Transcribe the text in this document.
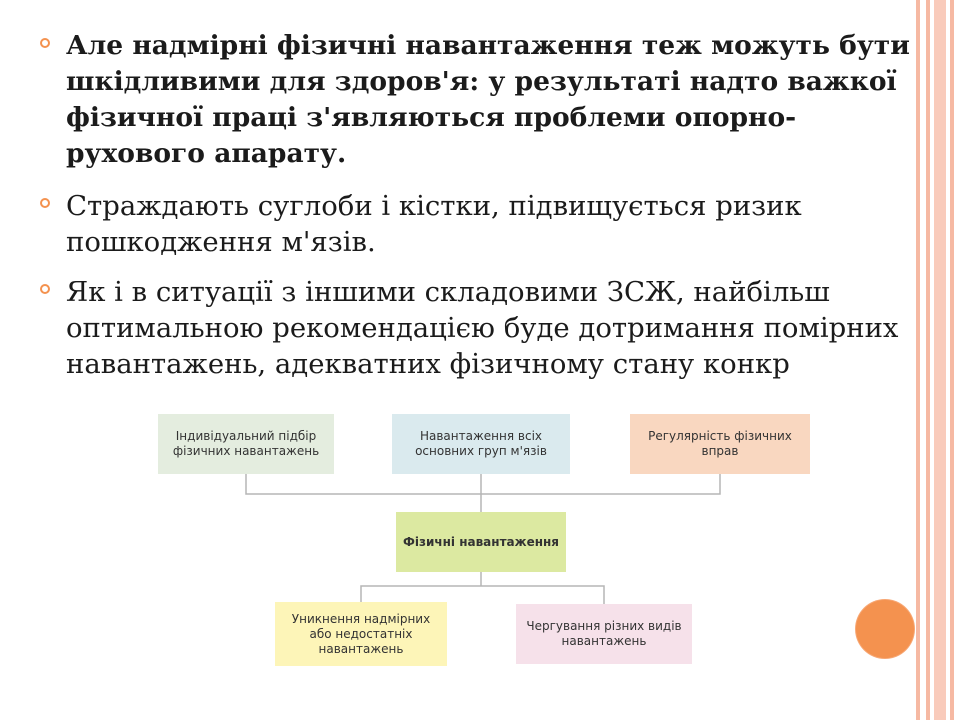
Але надмірні фізичні навантаження теж можуть бути шкідливими для здоров'я: у результаті надто важкої фізичної праці з'являються проблеми опорно-рухового апарату.
Страждають суглоби і кістки, підвищується ризик пошкодження м'язів.
Як і в ситуації з іншими складовими ЗСЖ, найбільш оптимальною рекомендацією буде дотримання помірних навантажень, адекватних фізичному стану конкр
Індивідуальний підбір фізичних навантажень
Навантаження всіх основних груп м'язів
Регулярність фізичних вправ
Фізичні навантаження
Уникнення надмірних або недостатніх навантажень
Чергування різних видів навантажень
